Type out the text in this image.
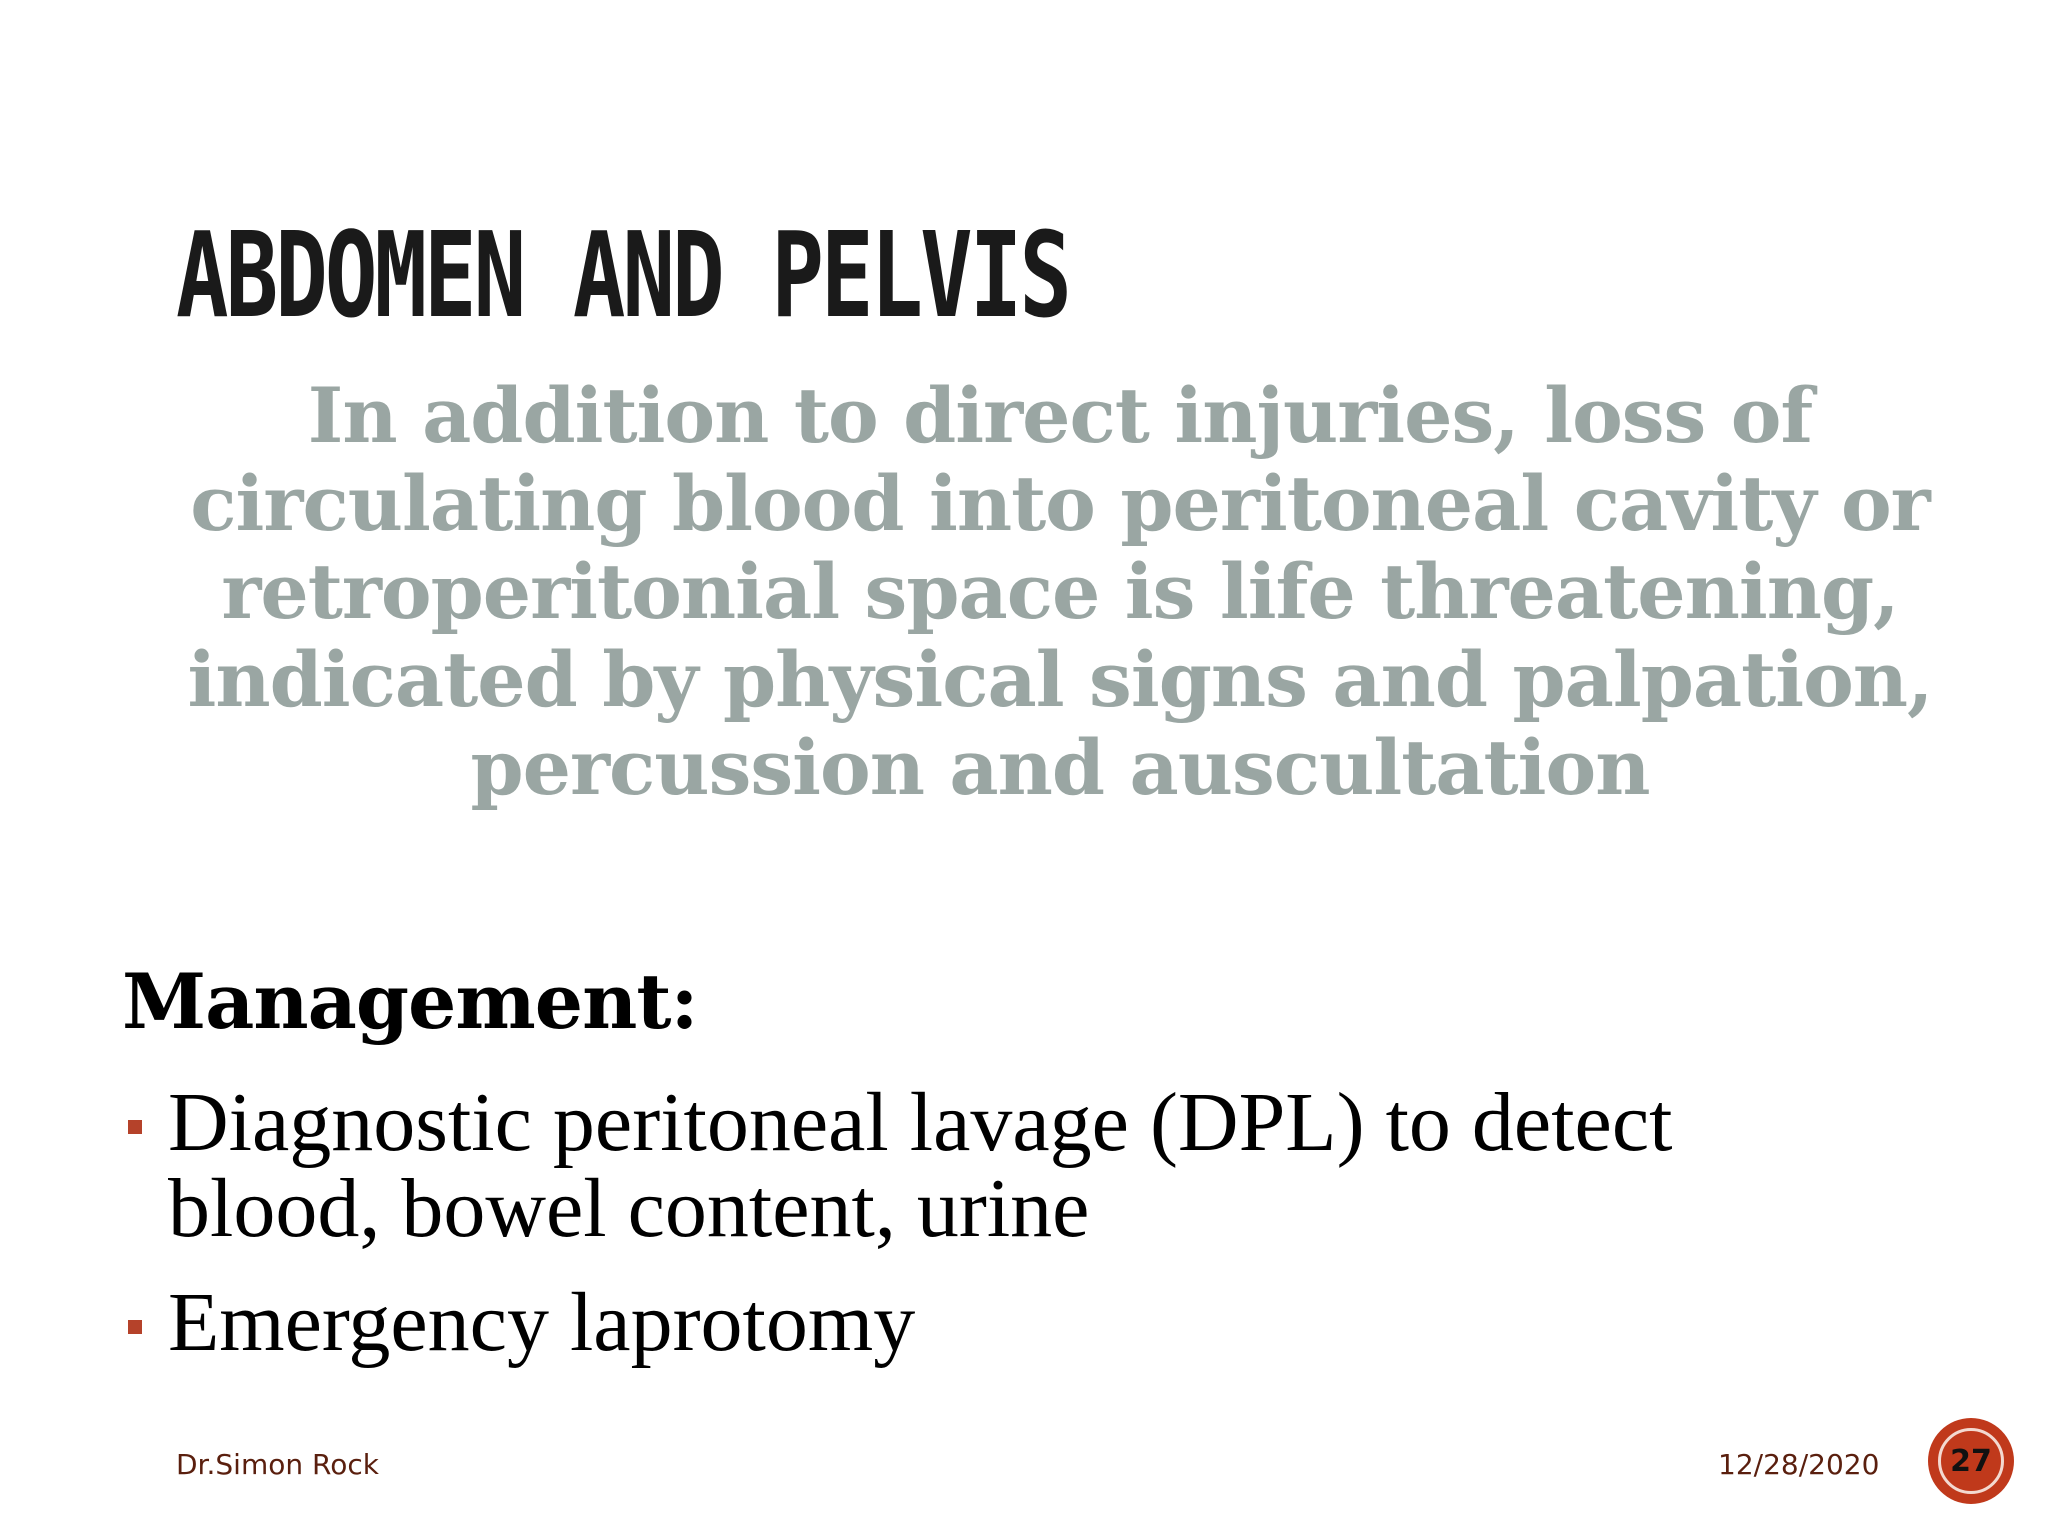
ABDOMEN AND PELVIS

In addition to direct injuries, loss of circulating blood into peritoneal cavity or retroperitonial space is life threatening, indicated by physical signs and palpation, percussion and auscultation

Management:
Diagnostic peritoneal lavage (DPL) to detect blood, bowel content, urine
Emergency laprotomy
Dr.Simon Rock	12/28/2020	27
